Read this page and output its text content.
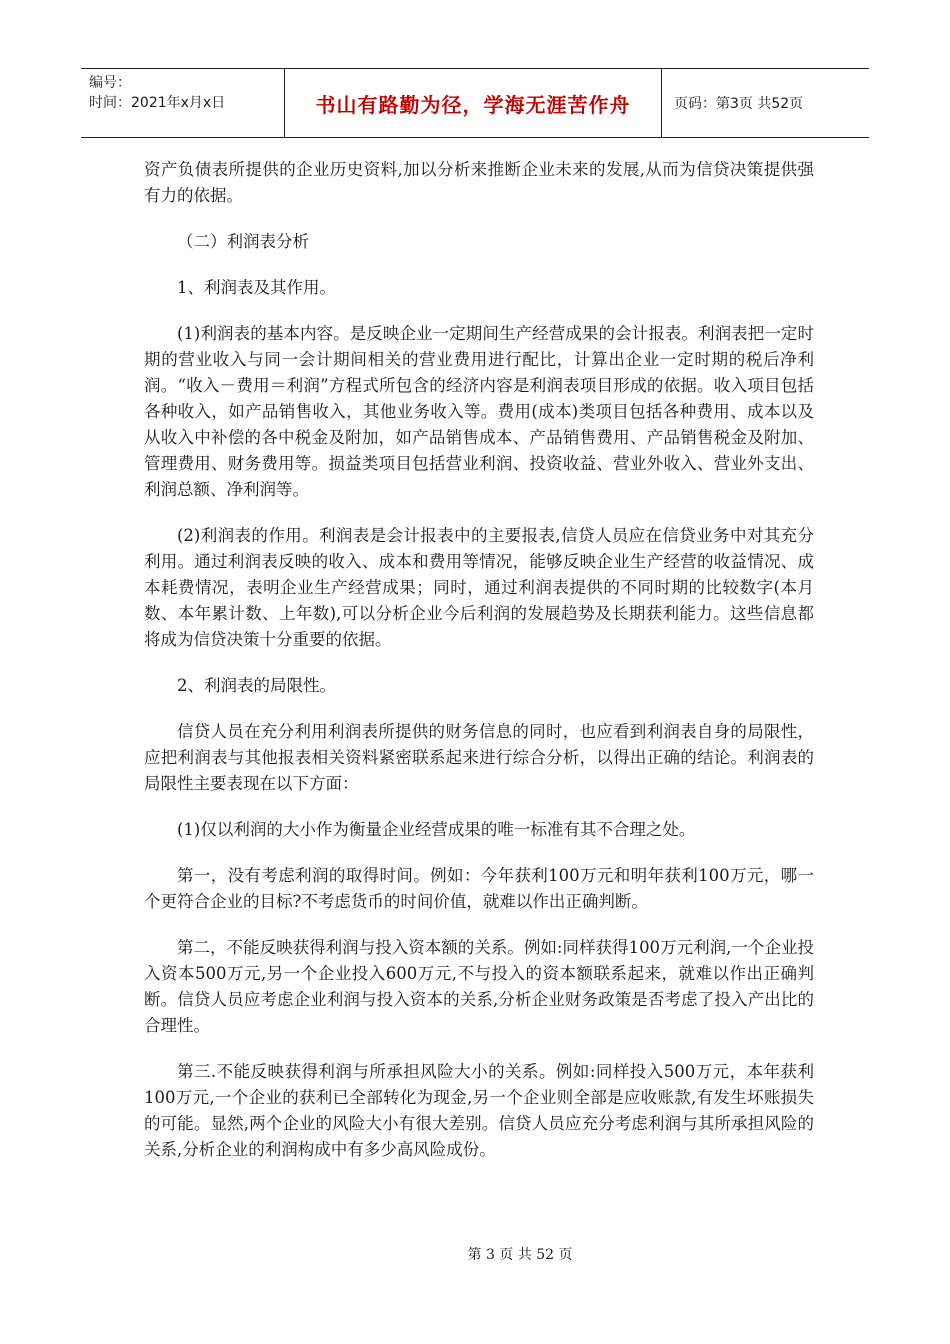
编号：
时间：2021年x月x日	书山有路勤为径，学海无涯苦作舟	页码：第3页 共52页

资产负债表所提供的企业历史资料,加以分析来推断企业未来的发展,从而为信贷决策提供强有力的依据。

（二）利润表分析

1、利润表及其作用。

(1)利润表的基本内容。是反映企业一定期间生产经营成果的会计报表。利润表把一定时期的营业收入与同一会计期间相关的营业费用进行配比，计算出企业一定时期的税后净利润。“收入－费用＝利润”方程式所包含的经济内容是利润表项目形成的依据。收入项目包括各种收入，如产品销售收入，其他业务收入等。费用(成本)类项目包括各种费用、成本以及从收入中补偿的各中税金及附加，如产品销售成本、产品销售费用、产品销售税金及附加、管理费用、财务费用等。损益类项目包括营业利润、投资收益、营业外收入、营业外支出、利润总额、净利润等。

(2)利润表的作用。利润表是会计报表中的主要报表,信贷人员应在信贷业务中对其充分利用。通过利润表反映的收入、成本和费用等情况，能够反映企业生产经营的收益情况、成本耗费情况，表明企业生产经营成果；同时，通过利润表提供的不同时期的比较数字(本月数、本年累计数、上年数),可以分析企业今后利润的发展趋势及长期获利能力。这些信息都将成为信贷决策十分重要的依据。

2、利润表的局限性。

信贷人员在充分利用利润表所提供的财务信息的同时，也应看到利润表自身的局限性，应把利润表与其他报表相关资料紧密联系起来进行综合分析，以得出正确的结论。利润表的局限性主要表现在以下方面：

(1)仅以利润的大小作为衡量企业经营成果的唯一标准有其不合理之处。

第一，没有考虑利润的取得时间。例如：今年获利100万元和明年获利100万元，哪一个更符合企业的目标?不考虑货币的时间价值，就难以作出正确判断。

第二，不能反映获得利润与投入资本额的关系。例如:同样获得100万元利润,一个企业投入资本500万元,另一个企业投入600万元,不与投入的资本额联系起来，就难以作出正确判断。信贷人员应考虑企业利润与投入资本的关系,分析企业财务政策是否考虑了投入产出比的合理性。

第三.不能反映获得利润与所承担风险大小的关系。例如:同样投入500万元，本年获利100万元,一个企业的获利已全部转化为现金,另一个企业则全部是应收账款,有发生坏账损失的可能。显然,两个企业的风险大小有很大差别。信贷人员应充分考虑利润与其所承担风险的关系,分析企业的利润构成中有多少高风险成份。

第 3 页 共 52 页
